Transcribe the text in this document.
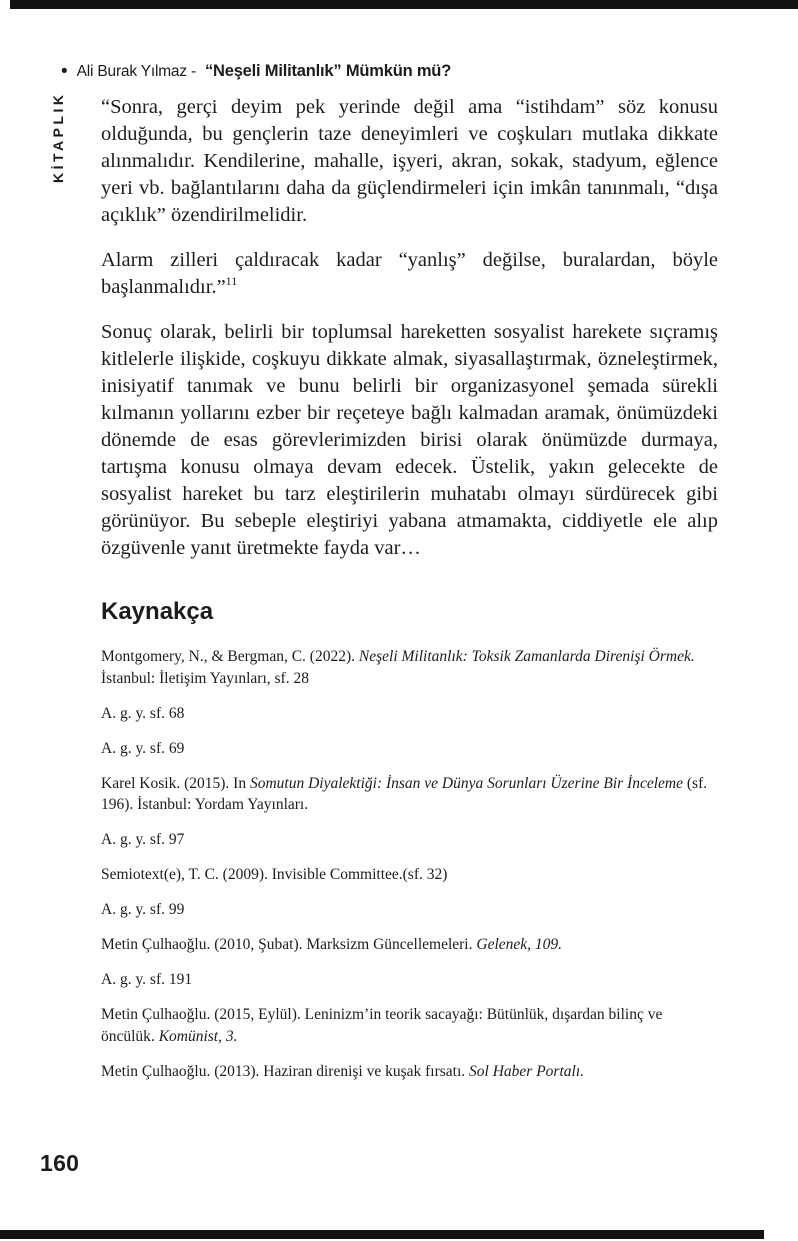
• Ali Burak Yılmaz - “Neşeli Militanlık” Mümkün mü?
KİTAPLIK “Sonra, gerçi deyim pek yerinde değil ama “istihdam” söz konusu olduğunda, bu gençlerin taze deneyimleri ve coşkuları mutlaka dikkate alınmalıdır. Kendilerine, mahalle, işyeri, akran, sokak, stadyum, eğlence yeri vb. bağlantılarını daha da güçlendirmeleri için imkân tanınmalı, “dışa açıklık” özendirilmelidir.

Alarm zilleri çaldıracak kadar “yanlış” değilse, buralardan, böyle başlanmalıdır.”$^{11}$

Sonuç olarak, belirli bir toplumsal hareketten sosyalist harekete sıçramış kitlelerle ilişkide, coşkuyu dikkate almak, siyasallaştırmak, özneleştirmek, inisiyatif tanımak ve bunu belirli bir organizasyonel şemada sürekli kılmanın yollarını ezber bir reçeteye bağlı kalmadan aramak, önümüzdeki dönemde de esas görevlerimizden birisi olarak önümüzde durmaya, tartışma konusu olmaya devam edecek. Üstelik, yakın gelecekte de sosyalist hareket bu tarz eleştirilerin muhatabı olmayı sürdürecek gibi görünüyor. Bu sebeple eleştiriyi yabana atmamakta, ciddiyetle ele alıp özgüvenle yanıt üretmekte fayda var…

Kaynakça

Montgomery, N., & Bergman, C. (2022). Neşeli Militanlık: Toksik Zamanlarda Direnişi Örmek. İstanbul: İletişim Yayınları, sf. 28

A. g. y. sf. 68

A. g. y. sf. 69

Karel Kosik. (2015). In Somutun Diyalektiği: İnsan ve Dünya Sorunları Üzerine Bir İnceleme (sf. 196). İstanbul: Yordam Yayınları.

A. g. y. sf. 97

Semiotext(e), T. C. (2009). Invisible Committee.(sf. 32)

A. g. y. sf. 99

Metin Çulhaoğlu. (2010, Şubat). Marksizm Güncellemeleri. Gelenek, 109.

A. g. y. sf. 191

Metin Çulhaoğlu. (2015, Eylül). Leninizm’in teorik sacayağı: Bütünlük, dışardan bilinç ve öncülük. Komünist, 3.

Metin Çulhaoğlu. (2013). Haziran direnişi ve kuşak fırsatı. Sol Haber Portalı.

160
